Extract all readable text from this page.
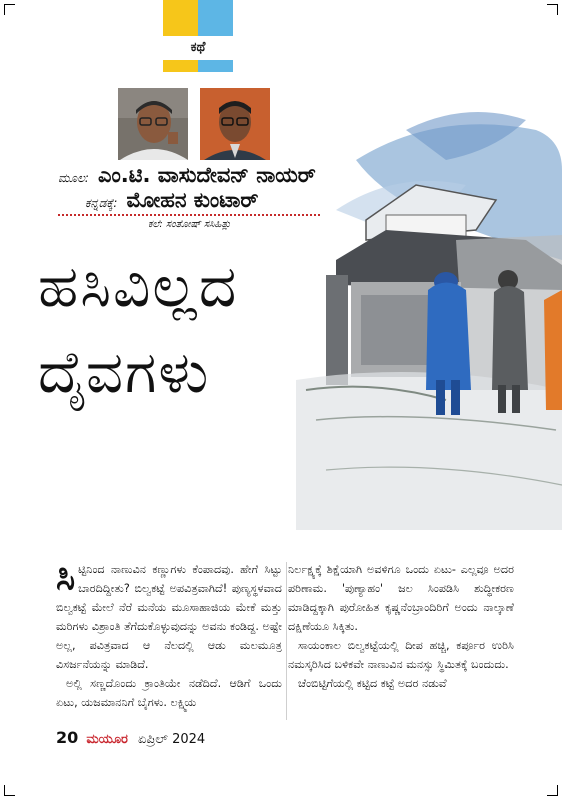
ಕಥೆ
ಮೂಲ: ಎಂ.ಟಿ. ವಾಸುದೇವನ್ ನಾಯರ್
ಕನ್ನಡಕ್ಕೆ: ಮೋಹನ ಕುಂಟಾರ್
ಕಲೆ: ಸಂತೋಷ್ ಸಸಿಹಿತ್ಲು
ಹಸಿವಿಲ್ಲದ
ದೈವಗಳು

ಸಿಟ್ಟಿನಿಂದ ನಾಣುವಿನ ಕಣ್ಣುಗಳು ಕೆಂಪಾದವು. ಹೇಗೆ ಸಿಟ್ಟು ಬಾರದಿದ್ದೀತು? ಬಿಲ್ವಕಟ್ಟೆ ಅಪವಿತ್ರವಾಗಿದೆ! ಪುಣ್ಯಸ್ಥಳವಾದ ಬಿಲ್ವಕಟ್ಟೆ ಮೇಲೆ ನೆರೆ ಮನೆಯ ಮೂಸಾಹಾಜಿಯ ಮೇಕೆ ಮತ್ತು ಮರಿಗಳು ವಿಶ್ರಾಂತಿ ತೆಗೆದುಕೊಳ್ಳುವುದನ್ನು ಅವನು ಕಂಡಿದ್ದ. ಅಷ್ಟೇ ಅಲ್ಲ, ಪವಿತ್ರವಾದ ಆ ನೆಲದಲ್ಲಿ ಆಡು ಮಲಮೂತ್ರ ವಿಸರ್ಜನೆಯನ್ನು ಮಾಡಿದೆ.

ಅಲ್ಲಿ ಸಣ್ಣದೊಂದು ಕ್ರಾಂತಿಯೇ ನಡೆದಿದೆ. ಆಡಿಗೆ ಒಂದು ಏಟು, ಯಜಮಾನನಿಗೆ ಬೈಗಳು. ಲಕ್ಷ್ಮಿಯ

ನಿರ್ಲಕ್ಷ್ಯಕ್ಕೆ ಶಿಕ್ಷೆಯಾಗಿ ಅವಳಿಗೂ ಒಂದು ಏಟು- ಎಲ್ಲವೂ ಅದರ ಪರಿಣಾಮ. 'ಪುಣ್ಯಾಹಂ' ಜಲ ಸಿಂಪಡಿಸಿ ಶುದ್ಧೀಕರಣ ಮಾಡಿದ್ದಕ್ಕಾಗಿ ಪುರೋಹಿತ ಕೃಷ್ಣನೆಂಬ್ರಾಂದಿರಿಗೆ ಅಂದು ನಾಲ್ಕಾಣೆ ದಕ್ಷಿಣೆಯೂ ಸಿಕ್ಕಿತು.

ಸಾಯಂಕಾಲ ಬಿಲ್ವಕಟ್ಟೆಯಲ್ಲಿ ದೀಪ ಹಚ್ಚಿ, ಕರ್ಪೂರ ಉರಿಸಿ ನಮಸ್ಕರಿಸಿದ ಬಳಿಕವೇ ನಾಣುವಿನ ಮನಸ್ಸು ಸ್ಥಿಮಿತಕ್ಕೆ ಬಂದುದು.

ಚೆಂಬಿಟ್ಟಿಗೆಯಲ್ಲಿ ಕಟ್ಟಿದ ಕಟ್ಟೆ ಅದರ ನಡುವೆ

20 ಮಯೂರ ಏಪ್ರಿಲ್ 2024
